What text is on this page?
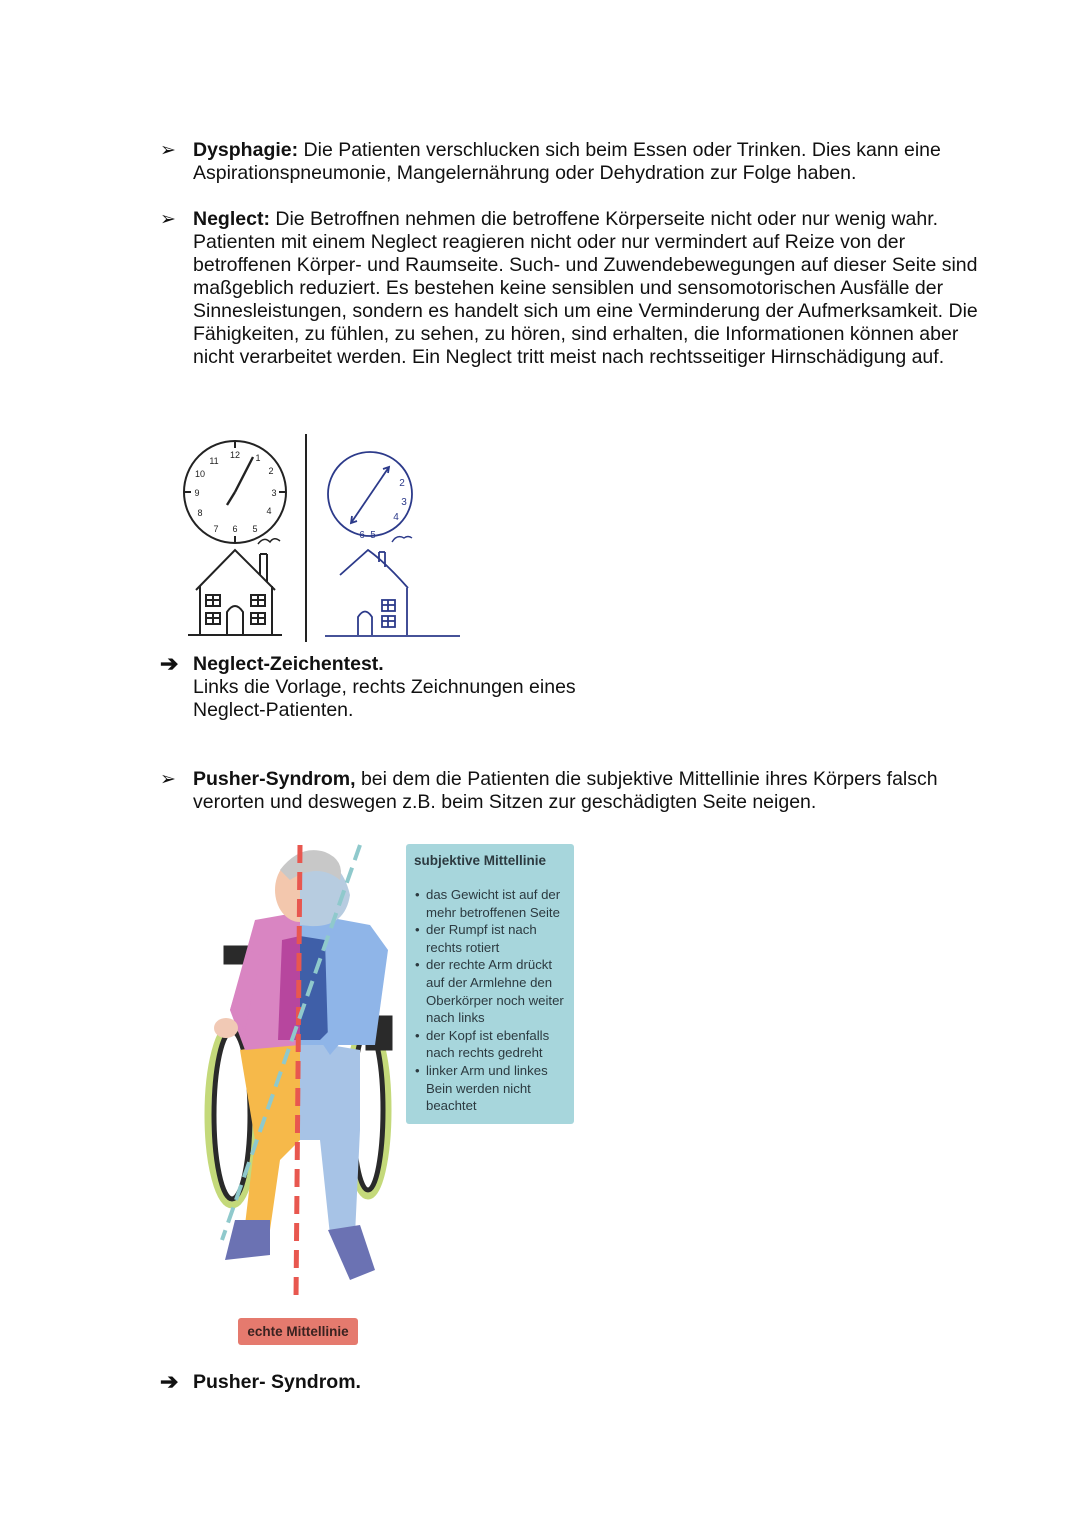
➢ Dysphagie: Die Patienten verschlucken sich beim Essen oder Trinken. Dies kann eine Aspirationspneumonie, Mangelernährung oder Dehydration zur Folge haben.
➢ Neglect: Die Betroffnen nehmen die betroffene Körperseite nicht oder nur wenig wahr. Patienten mit einem Neglect reagieren nicht oder nur vermindert auf Reize von der betroffenen Körper- und Raumseite. Such- und Zuwendebewegungen auf dieser Seite sind maßgeblich reduziert. Es bestehen keine sensiblen und sensomotorischen Ausfälle der Sinnesleistungen, sondern es handelt sich um eine Verminderung der Aufmerksamkeit. Die Fähigkeiten, zu fühlen, zu sehen, zu hören, sind erhalten, die Informationen können aber nicht verarbeitet werden. Ein Neglect tritt meist nach rechtsseitiger Hirnschädigung auf.
12 1
2
3
4
5
6
7
8
9
10
11
2
3
4
6 5
➔ Neglect-Zeichentest.
Links die Vorlage, rechts Zeichnungen eines
Neglect-Patienten.
➢ Pusher-Syndrom, bei dem die Patienten die subjektive Mittellinie ihres Körpers falsch verorten und deswegen z.B. beim Sitzen zur geschädigten Seite neigen.
subjektive Mittellinie
• das Gewicht ist auf der mehr betroffenen Seite
• der Rumpf ist nach rechts rotiert
• der rechte Arm drückt auf der Armlehne den Oberkörper noch weiter nach links
• der Kopf ist ebenfalls nach rechts gedreht
• linker Arm und linkes Bein werden nicht beachtet
echte Mittellinie
➔ Pusher- Syndrom.
